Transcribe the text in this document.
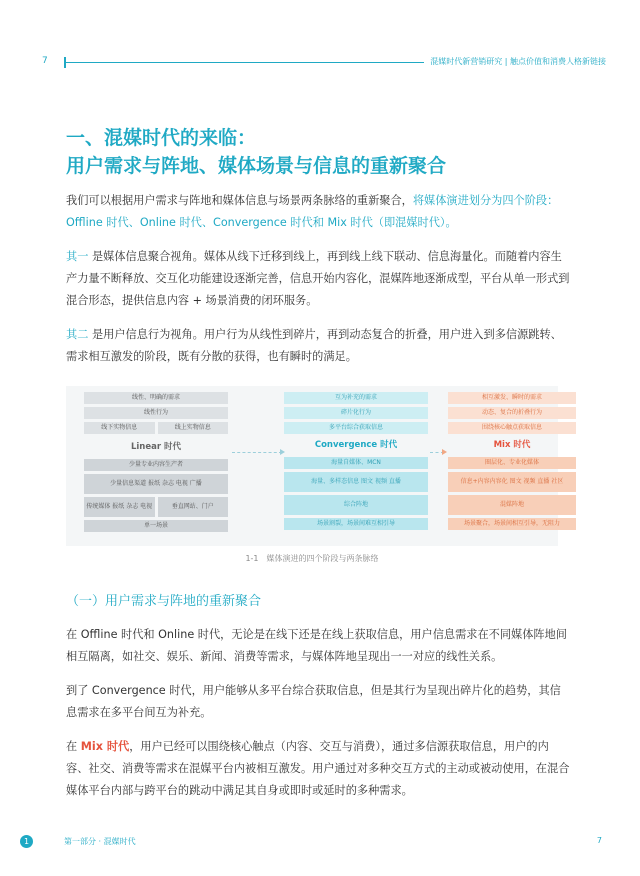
7	混媒时代新营销研究 | 触点价值和消费人格新链接
一、混媒时代的来临：
用户需求与阵地、媒体场景与信息的重新聚合

我们可以根据用户需求与阵地和媒体信息与场景两条脉络的重新聚合，将媒体演进划分为四个阶段：Offline 时代、Online 时代、Convergence 时代和 Mix 时代（即混媒时代）。

其一 是媒体信息聚合视角。媒体从线下迁移到线上，再到线上线下联动、信息海量化。而随着内容生产力量不断释放、交互化功能建设逐渐完善，信息开始内容化，混媒阵地逐渐成型，平台从单一形式到混合形态，提供信息内容 + 场景消费的闭环服务。

其二 是用户信息行为视角。用户行为从线性到碎片，再到动态复合的折叠，用户进入到多信源跳转、需求相互激发的阶段，既有分散的获得，也有瞬时的满足。

线性、明确的需求
线性行为
线下实物信息	线上实物信息
Linear 时代
少量专业内容生产者
少量信息渠道 报纸 杂志 电视 广播
传统媒体 报纸 杂志 电视	垂直网站、门户
单一场景
互为补充的需求
碎片化行为
多平台综合获取信息
Convergence 时代
海量自媒体、MCN
海量、多样态信息 图文 视频 直播
综合阵地
场景割裂，场景间难互相引导
相互激发、瞬时的需求
动态、复合的折叠行为
围绕核心触点获取信息
Mix 时代
圈层化、专业化媒体
信息+内容内容化 图文 视频 直播 社区
混媒阵地
场景聚合，场景间相互引导，无阻力
1-1　媒体演进的四个阶段与两条脉络
（一）用户需求与阵地的重新聚合

在 Offline 时代和 Online 时代，无论是在线下还是在线上获取信息，用户信息需求在不同媒体阵地间相互隔离，如社交、娱乐、新闻、消费等需求，与媒体阵地呈现出一一对应的线性关系。

到了 Convergence 时代，用户能够从多平台综合获取信息，但是其行为呈现出碎片化的趋势，其信息需求在多平台间互为补充。

在 Mix 时代，用户已经可以围绕核心触点（内容、交互与消费），通过多信源获取信息，用户的内容、社交、消费等需求在混媒平台内被相互激发。用户通过对多种交互方式的主动或被动使用，在混合媒体平台内部与跨平台的跳动中满足其自身或即时或延时的多种需求。

1	第一部分 · 混媒时代	7
